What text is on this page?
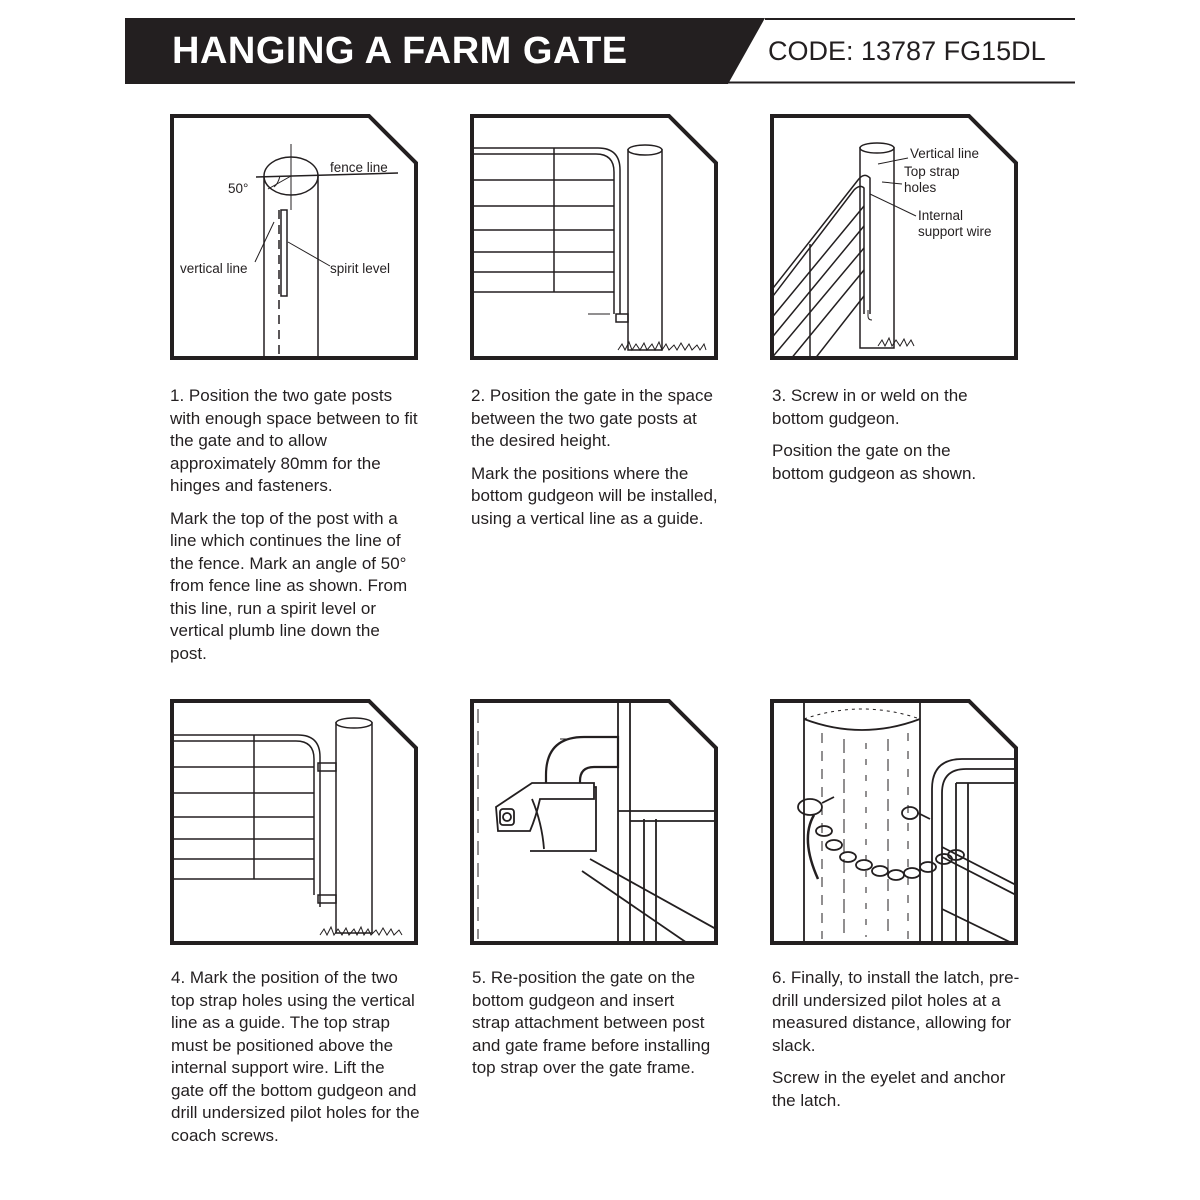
HANGING A FARM GATE	CODE: 13787 FG15DL
50°
fence line
vertical line	spirit level
Vertical line
Top strap
holes
Internal
support wire

1. Position the two gate posts with enough space between to fit the gate and to allow approximately 80mm for the hinges and fasteners.

Mark the top of the post with a line which continues the line of the fence. Mark an angle of 50° from fence line as shown. From this line, run a spirit level or vertical plumb line down the post.

2. Position the gate in the space between the two gate posts at the desired height.

Mark the positions where the bottom gudgeon will be installed, using a vertical line as a guide.

3. Screw in or weld on the bottom gudgeon.

Position the gate on the bottom gudgeon as shown.

4. Mark the position of the two top strap holes using the vertical line as a guide. The top strap must be positioned above the internal support wire. Lift the gate off the bottom gudgeon and drill undersized pilot holes for the coach screws.

5. Re-position the gate on the bottom gudgeon and insert strap attachment between post and gate frame before installing top strap over the gate frame.

6. Finally, to install the latch, pre-drill undersized pilot holes at a measured distance, allowing for slack.

Screw in the eyelet and anchor the latch.
